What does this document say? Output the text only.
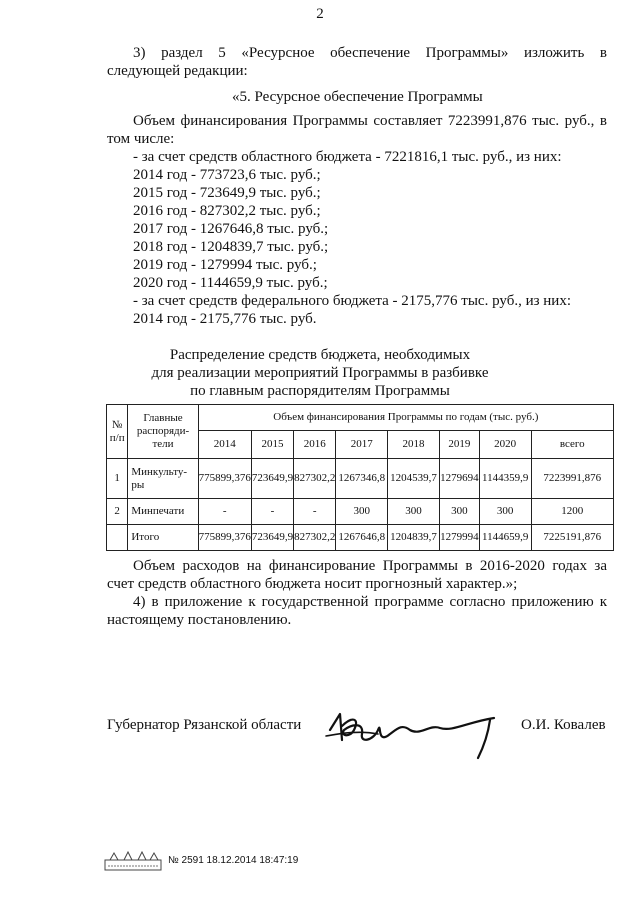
2
3) раздел 5 «Ресурсное обеспечение Программы» изложить в
следующей редакции:
«5. Ресурсное обеспечение Программы
Объем финансирования Программы составляет 7223991,876 тыс. руб., в
том числе:
- за счет средств областного бюджета - 7221816,1 тыс. руб., из них:
2014 год - 773723,6 тыс. руб.;
2015 год - 723649,9 тыс. руб.;
2016 год - 827302,2 тыс. руб.;
2017 год - 1267646,8 тыс. руб.;
2018 год - 1204839,7 тыс. руб.;
2019 год - 1279994 тыс. руб.;
2020 год - 1144659,9 тыс. руб.;
- за счет средств федерального бюджета - 2175,776 тыс. руб., из них:
2014 год - 2175,776 тыс. руб.
Распределение средств бюджета, необходимых
для реализации мероприятий Программы в разбивке
по главным распорядителям Программы
№ п/п	Главные распоряди- тели	Объем финансирования Программы по годам (тыс. руб.)							
		2014	2015	2016	2017	2018	2019	2020	всего
1	Минкульту- ры	775899,376	723649,9	827302,2	1267346,8	1204539,7	1279694	1144359,9	7223991,876
2	Минпечати	-	-	-	300	300	300	300	1200
	Итого	775899,376	723649,9	827302,2	1267646,8	1204839,7	1279994	1144659,9	7225191,876
Объем расходов на финансирование Программы в 2016-2020 годах за
счет средств областного бюджета носит прогнозный характер.»;
4) в приложение к государственной программе согласно приложению к
настоящему постановлению.
Губернатор Рязанской области	О.И. Ковалев
№ 2591 18.12.2014 18:47:19
